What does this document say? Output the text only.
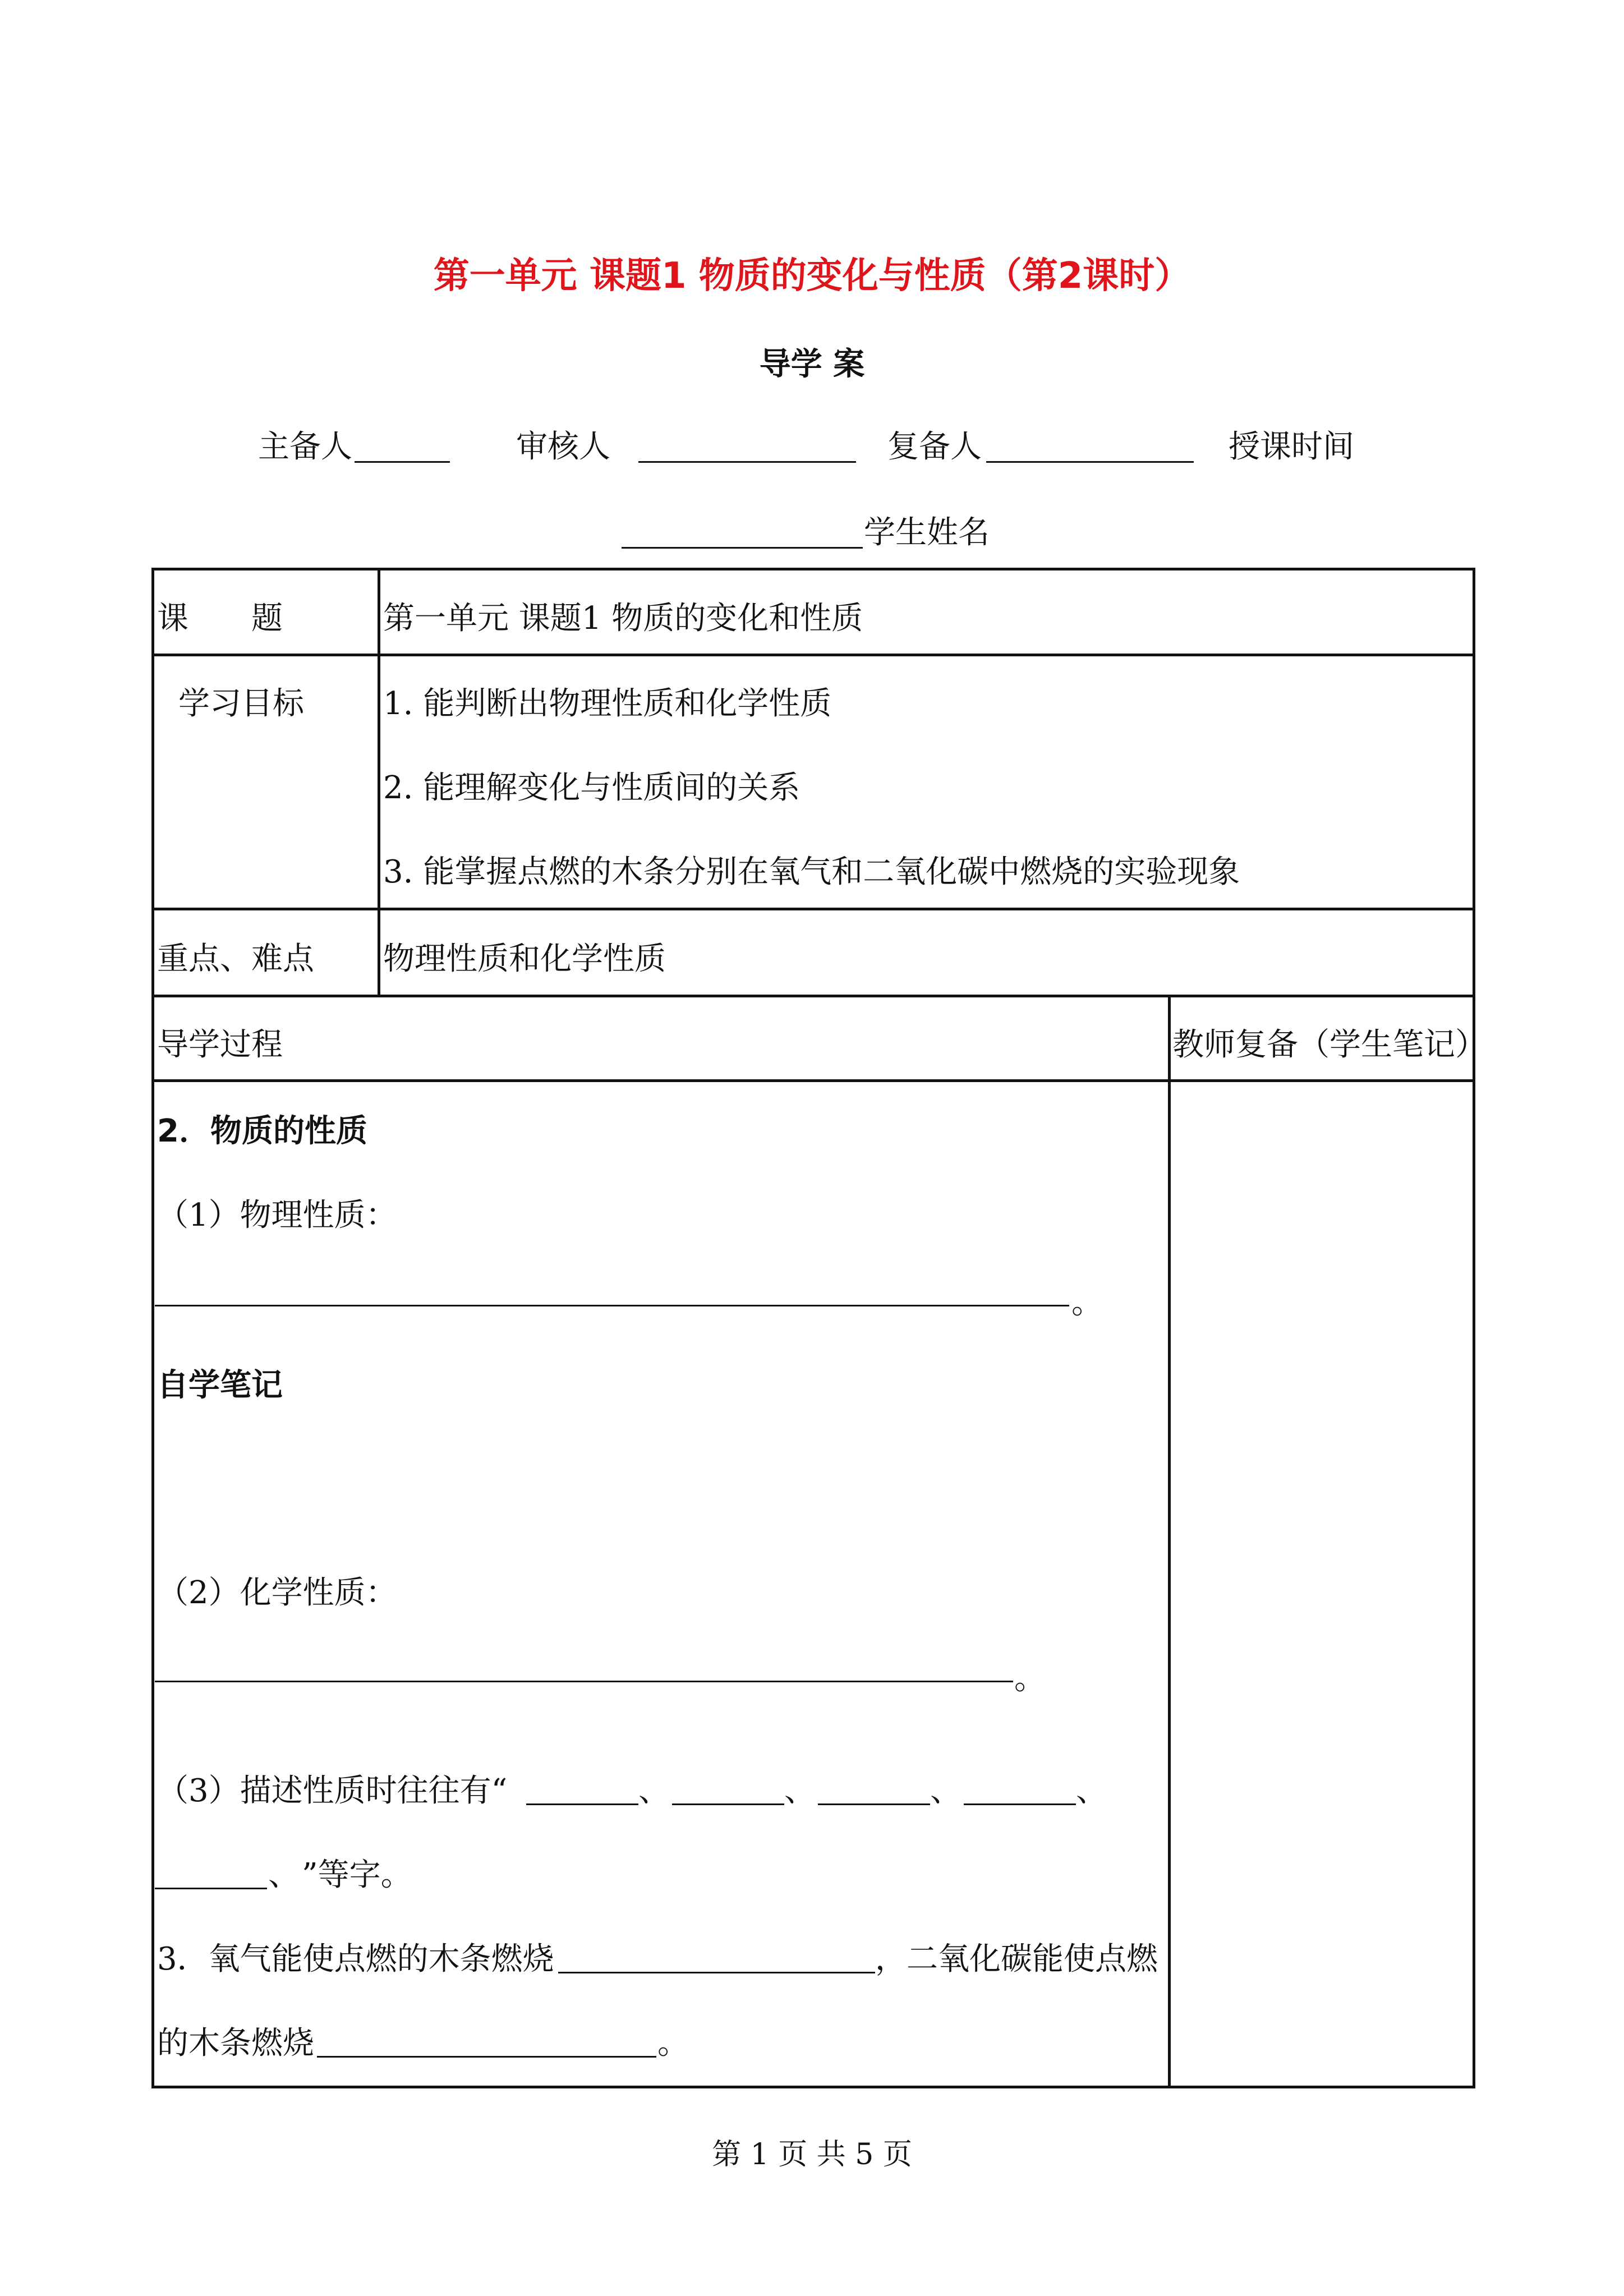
第一单元 课题1 物质的变化与性质（第2课时）
导学 案
主备人	审核人	复备人	授课时间
学生姓名
课　　题	第一单元 课题1 物质的变化和性质
学习目标	1. 能判断出物理性质和化学性质
2. 能理解变化与性质间的关系
3. 能掌握点燃的木条分别在氧气和二氧化碳中燃烧的实验现象
重点、难点 物理性质和化学性质
导学过程	教师复备（学生笔记）
2．物质的性质
（1）物理性质：
。
自学笔记
（2）化学性质：
。
（3）描述性质时往往有“	、	、	、	、
、 ”等字。
3．氧气能使点燃的木条燃烧	，二氧化碳能使点燃
的木条燃烧	。
第 1 页 共 5 页
